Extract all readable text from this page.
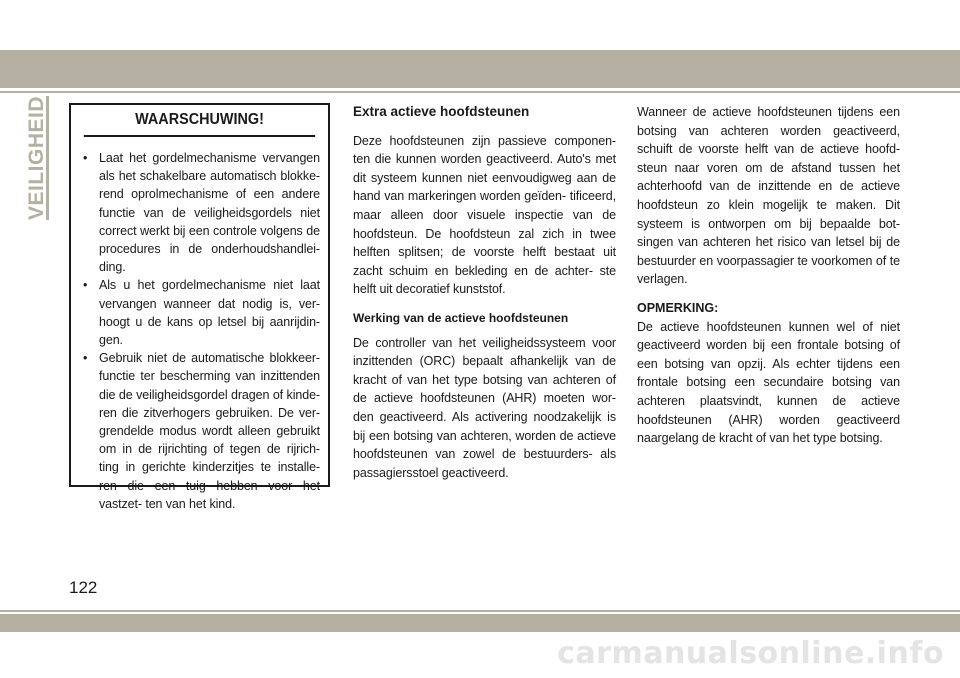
VEILIGHEID	WAARSCHUWING!
• Laat het gordelmechanisme vervangen als het schakelbare automatisch blokke- rend oprolmechanisme of een andere functie van de veiligheidsgordels niet correct werkt bij een controle volgens de procedures in de onderhoudshandlei- ding.
• Als u het gordelmechanisme niet laat vervangen wanneer dat nodig is, ver- hoogt u de kans op letsel bij aanrijdin- gen.
• Gebruik niet de automatische blokkeer- functie ter bescherming van inzittenden die de veiligheidsgordel dragen of kinde- ren die zitverhogers gebruiken. De ver- grendelde modus wordt alleen gebruikt om in de rijrichting of tegen de rijrich- ting in gerichte kinderzitjes te installe- ren die een tuig hebben voor het vastzet- ten van het kind.
Extra actieve hoofdsteunen

Deze hoofdsteunen zijn passieve componen- ten die kunnen worden geactiveerd. Auto's met dit systeem kunnen niet eenvoudigweg aan de hand van markeringen worden geïden- tificeerd, maar alleen door visuele inspectie van de hoofdsteun. De hoofdsteun zal zich in twee helften splitsen; de voorste helft bestaat uit zacht schuim en bekleding en de achter- ste helft uit decoratief kunststof.

Werking van de actieve hoofdsteunen

De controller van het veiligheidssysteem voor inzittenden (ORC) bepaalt afhankelijk van de kracht of van het type botsing van achteren of de actieve hoofdsteunen (AHR) moeten wor- den geactiveerd. Als activering noodzakelijk is bij een botsing van achteren, worden de actieve hoofdsteunen van zowel de bestuurders- als passagiersstoel geactiveerd.

Wanneer de actieve hoofdsteunen tijdens een botsing van achteren worden geactiveerd, schuift de voorste helft van de actieve hoofd- steun naar voren om de afstand tussen het achterhoofd van de inzittende en de actieve hoofdsteun zo klein mogelijk te maken. Dit systeem is ontworpen om bij bepaalde bot- singen van achteren het risico van letsel bij de bestuurder en voorpassagier te voorkomen of te verlagen.

OPMERKING:

De actieve hoofdsteunen kunnen wel of niet geactiveerd worden bij een frontale botsing of een botsing van opzij. Als echter tijdens een frontale botsing een secundaire botsing van achteren plaatsvindt, kunnen de actieve hoofdsteunen (AHR) worden geactiveerd naargelang de kracht of van het type botsing.

122
carmanualsonline.info
